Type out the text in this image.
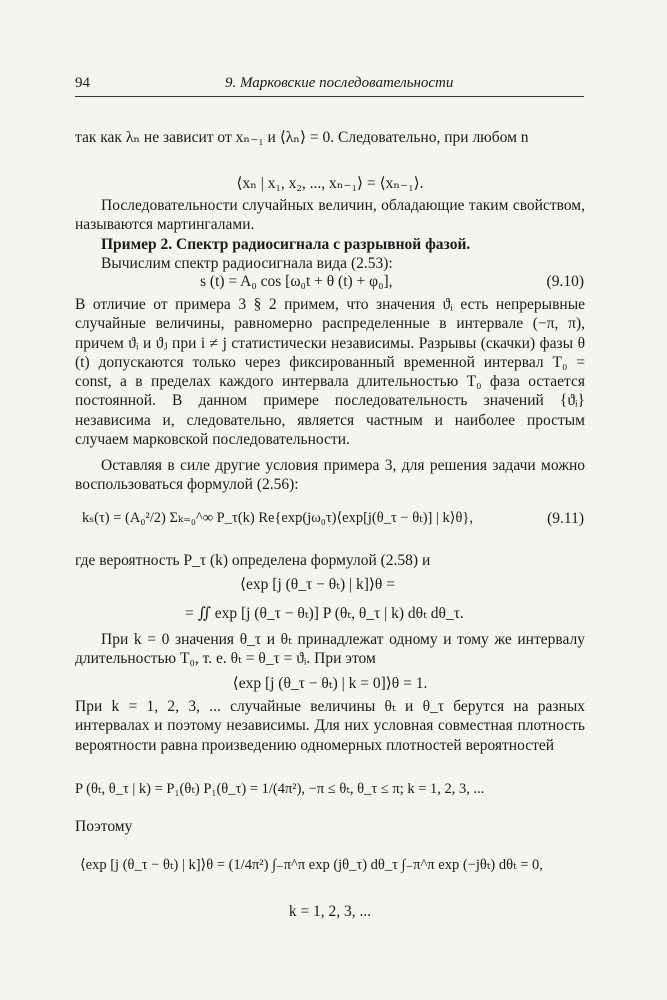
94	9. Марковские последовательности

так как λₙ не зависит от xₙ₋₁ и ⟨λₙ⟩ = 0. Следовательно, при любом n

⟨xₙ | x₁, x₂, ..., xₙ₋₁⟩ = ⟨xₙ₋₁⟩.

Последовательности случайных величин, обладающие таким свойством, называются мартингалами.

Пример 2. Спектр радиосигнала с разрывной фазой.

Вычислим спектр радиосигнала вида (2.53):

s (t) = A₀ cos [ω₀t + θ (t) + φ₀],	(9.10)

В отличие от примера 3 § 2 примем, что значения ϑᵢ есть непрерывные случайные величины, равномерно распределенные в интервале (−π, π), причем ϑᵢ и ϑⱼ при i ≠ j статистически независимы. Разрывы (скачки) фазы θ (t) допускаются только через фиксированный временной интервал T₀ = const, а в пределах каждого интервала длительностью T₀ фаза остается постоянной. В данном примере последовательность значений {ϑᵢ} независима и, следовательно, является частным и наиболее простым случаем марковской последовательности.

Оставляя в силе другие условия примера 3, для решения задачи можно воспользоваться формулой (2.56):

kₛ(τ) = (A₀²/2) Σₖ₌₀^∞ P_τ(k) Re{exp(jω₀τ)⟨exp[j(θ_τ − θₜ)] | k⟩θ},	(9.11)

где вероятность P_τ (k) определена формулой (2.58) и

⟨exp [j (θ_τ − θₜ) | k]⟩θ =

= ∬ exp [j (θ_τ − θₜ)] P (θₜ, θ_τ | k) dθₜ dθ_τ.

При k = 0 значения θ_τ и θₜ принадлежат одному и тому же интервалу длительностью T₀, т. е. θₜ = θ_τ = ϑᵢ. При этом

⟨exp [j (θ_τ − θₜ) | k = 0]⟩θ = 1.

При k = 1, 2, 3, ... случайные величины θₜ и θ_τ берутся на разных интервалах и поэтому независимы. Для них условная совместная плотность вероятности равна произведению одномерных плотностей вероятностей

P (θₜ, θ_τ | k) = P₁(θₜ) P₁(θ_τ) = 1/(4π²), −π ≤ θₜ, θ_τ ≤ π; k = 1, 2, 3, ...

Поэтому

⟨exp [j (θ_τ − θₜ) | k]⟩θ = (1/4π²) ∫₋π^π exp (jθ_τ) dθ_τ ∫₋π^π exp (−jθₜ) dθₜ = 0,

k = 1, 2, 3, ...
